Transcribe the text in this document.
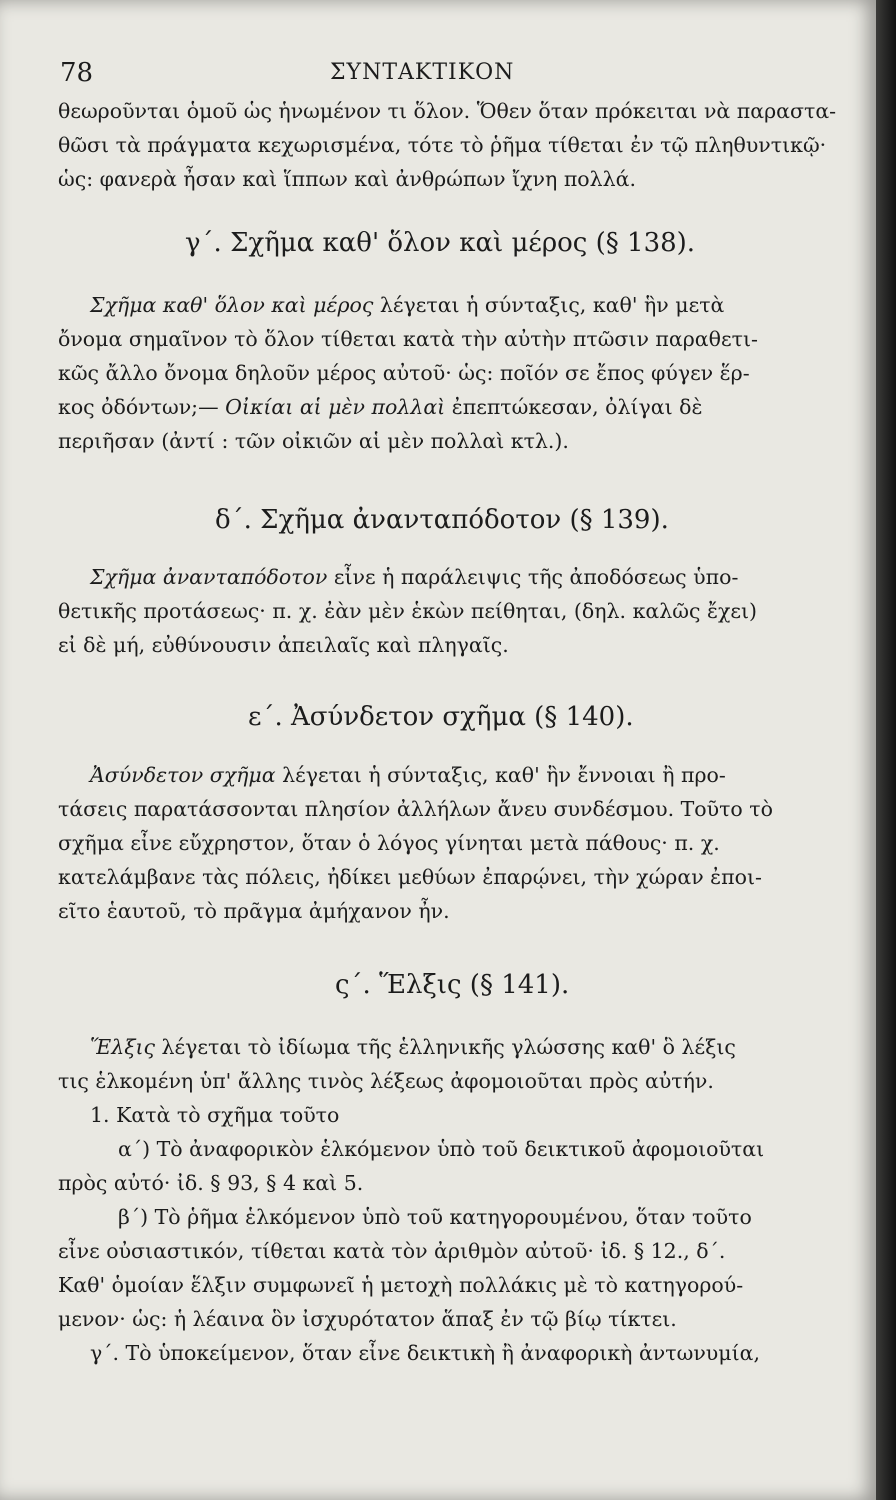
78	ΣΥΝΤΑΚΤΙΚΟΝ
θεωροῦνται ὁμοῦ ὡς ἡνωμένον τι ὅλον. Ὅθεν ὅταν πρόκειται νὰ παραστα-
θῶσι τὰ πράγματα κεχωρισμένα, τότε τὸ ῥῆμα τίθεται ἐν τῷ πληθυντικῷ·
ὡς: φανερὰ ἦσαν καὶ ἵππων καὶ ἀνθρώπων ἴχνη πολλά.
γ΄. Σχῆμα καθ' ὅλον καὶ μέρος (§ 138).
Σχῆμα καθ' ὅλον καὶ μέρος λέγεται ἡ σύνταξις, καθ' ἣν μετὰ
ὄνομα σημαῖνον τὸ ὅλον τίθεται κατὰ τὴν αὐτὴν πτῶσιν παραθετι-
κῶς ἄλλο ὄνομα δηλοῦν μέρος αὐτοῦ· ὡς: ποῖόν σε ἔπος φύγεν ἕρ-
κος ὀδόντων;— Οἰκίαι αἱ μὲν πολλαὶ ἐπεπτώκεσαν, ὀλίγαι δὲ
περιῆσαν (ἀντί : τῶν οἰκιῶν αἱ μὲν πολλαὶ κτλ.).
δ΄. Σχῆμα ἀνανταπόδοτον (§ 139).
Σχῆμα ἀνανταπόδοτον εἶνε ἡ παράλειψις τῆς ἀποδόσεως ὑπο-
θετικῆς προτάσεως· π. χ. ἐὰν μὲν ἑκὼν πείθηται, (δηλ. καλῶς ἔχει)
εἰ δὲ μή, εὐθύνουσιν ἀπειλαῖς καὶ πληγαῖς.
ε΄. Ἀσύνδετον σχῆμα (§ 140).
Ἀσύνδετον σχῆμα λέγεται ἡ σύνταξις, καθ' ἣν ἔννοιαι ἢ προ-
τάσεις παρατάσσονται πλησίον ἀλλήλων ἄνευ συνδέσμου. Τοῦτο τὸ
σχῆμα εἶνε εὔχρηστον, ὅταν ὁ λόγος γίνηται μετὰ πάθους· π. χ.
κατελάμβανε τὰς πόλεις, ἠδίκει μεθύων ἐπαρῴνει, τὴν χώραν ἐποι-
εῖτο ἑαυτοῦ, τὸ πρᾶγμα ἀμήχανον ἦν.
ς΄. Ἕλξις (§ 141).
Ἕλξις λέγεται τὸ ἰδίωμα τῆς ἑλληνικῆς γλώσσης καθ' ὃ λέξις
τις ἑλκομένη ὑπ' ἄλλης τινὸς λέξεως ἀφομοιοῦται πρὸς αὐτήν.
1. Κατὰ τὸ σχῆμα τοῦτο
α΄) Τὸ ἀναφορικὸν ἑλκόμενον ὑπὸ τοῦ δεικτικοῦ ἀφομοιοῦται
πρὸς αὐτό· ἰδ. § 93, § 4 καὶ 5.
β΄) Τὸ ῥῆμα ἑλκόμενον ὑπὸ τοῦ κατηγορουμένου, ὅταν τοῦτο
εἶνε οὐσιαστικόν, τίθεται κατὰ τὸν ἀριθμὸν αὐτοῦ· ἰδ. § 12., δ΄.
Καθ' ὁμοίαν ἕλξιν συμφωνεῖ ἡ μετοχὴ πολλάκις μὲ τὸ κατηγορού-
μενον· ὡς: ἡ λέαινα ὃν ἰσχυρότατον ἅπαξ ἐν τῷ βίῳ τίκτει.
γ΄. Τὸ ὑποκείμενον, ὅταν εἶνε δεικτικὴ ἢ ἀναφορικὴ ἀντωνυμία,
